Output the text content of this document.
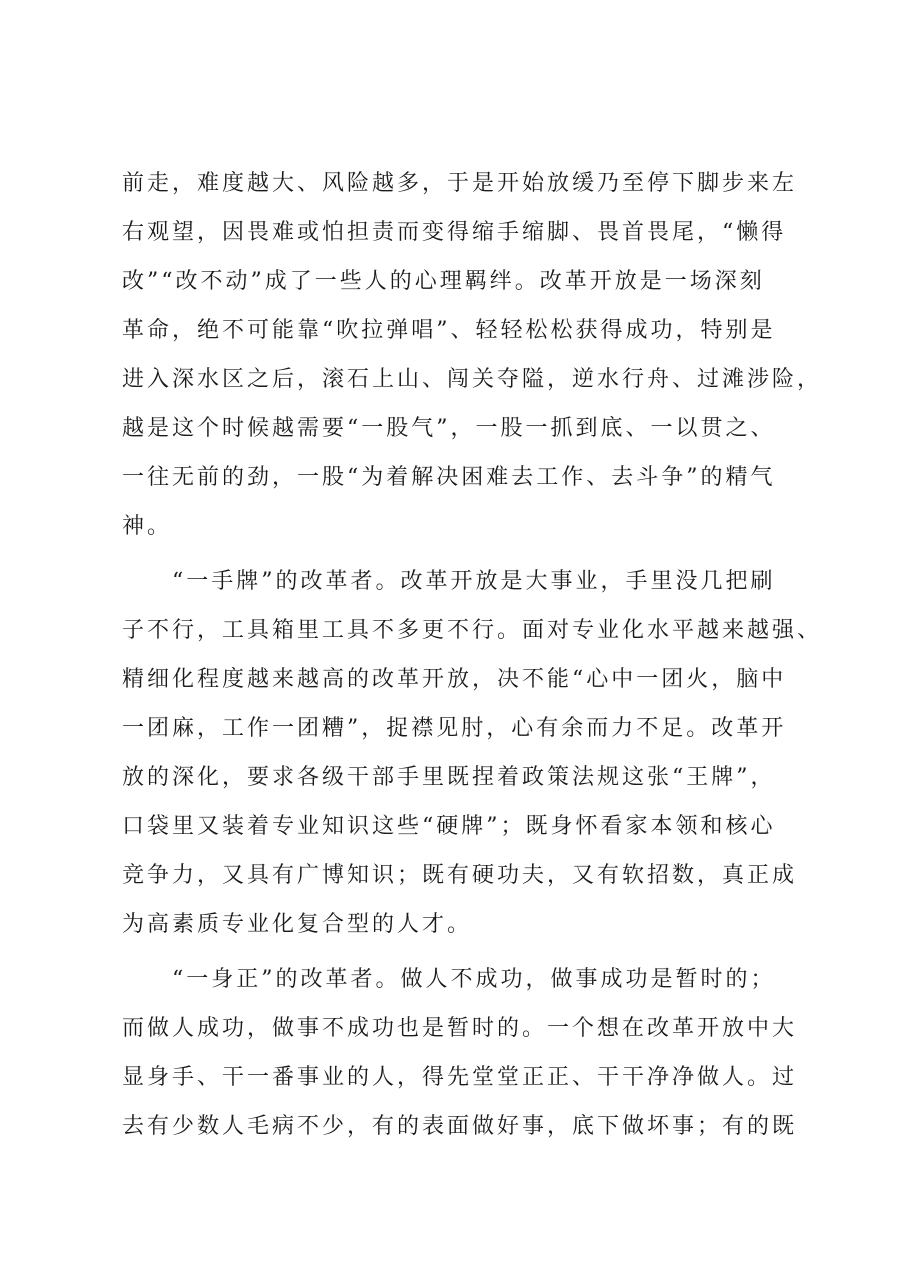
前走，难度越大、风险越多，于是开始放缓乃至停下脚步来左
右观望，因畏难或怕担责而变得缩手缩脚、畏首畏尾，“懒得
改”“改不动”成了一些人的心理羁绊。改革开放是一场深刻
革命，绝不可能靠“吹拉弹唱”、轻轻松松获得成功，特别是
进入深水区之后，滚石上山、闯关夺隘，逆水行舟、过滩涉险，
越是这个时候越需要“一股气”，一股一抓到底、一以贯之、
一往无前的劲，一股“为着解决困难去工作、去斗争”的精气
神。
　　“一手牌”的改革者。改革开放是大事业，手里没几把刷
子不行，工具箱里工具不多更不行。面对专业化水平越来越强、
精细化程度越来越高的改革开放，决不能“心中一团火，脑中
一团麻，工作一团糟”，捉襟见肘，心有余而力不足。改革开
放的深化，要求各级干部手里既捏着政策法规这张“王牌”，
口袋里又装着专业知识这些“硬牌”；既身怀看家本领和核心
竞争力，又具有广博知识；既有硬功夫，又有软招数，真正成
为高素质专业化复合型的人才。
　　“一身正”的改革者。做人不成功，做事成功是暂时的；
而做人成功，做事不成功也是暂时的。一个想在改革开放中大
显身手、干一番事业的人，得先堂堂正正、干干净净做人。过
去有少数人毛病不少，有的表面做好事，底下做坏事；有的既
